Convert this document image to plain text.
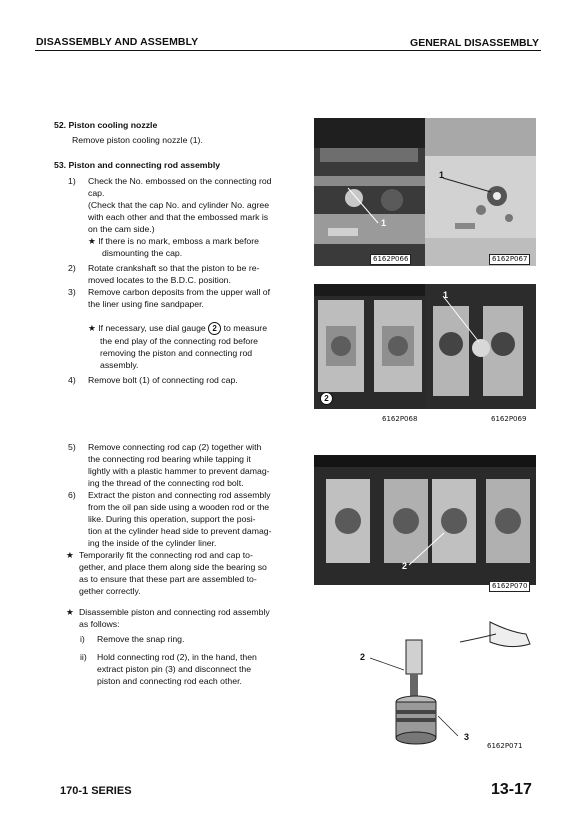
DISASSEMBLY AND ASSEMBLY	GENERAL DISASSEMBLY
52. Piston cooling nozzle
Remove piston cooling nozzle (1).
53. Piston and connecting rod assembly
1) Check the No. embossed on the connecting rod
cap.
(Check that the cap No. and cylinder No. agree
with each other and that the embossed mark is
on the cam side.)
★ If there is no mark, emboss a mark before
dismounting the cap.
2) Rotate crankshaft so that the piston to be re-
moved locates to the B.D.C. position.
3) Remove carbon deposits from the upper wall of
the liner using fine sandpaper.
★ If necessary, use dial gauge 2 to measure
the end play of the connecting rod before
removing the piston and connecting rod
assembly.
4) Remove bolt (1) of connecting rod cap.
5) Remove connecting rod cap (2) together with
the connecting rod bearing while tapping it
lightly with a plastic hammer to prevent damag-
ing the thread of the connecting rod bolt.
6) Extract the piston and connecting rod assembly
from the oil pan side using a wooden rod or the
like. During this operation, support the posi-
tion at the cylinder head side to prevent damag-
ing the inside of the cylinder liner.
★ Temporarily fit the connecting rod and cap to-
gether, and place them along side the bearing so
as to ensure that these part are assembled to-
gether correctly.
★ Disassemble piston and connecting rod assembly
as follows:
i) Remove the snap ring.
ii) Hold connecting rod (2), in the hand, then
extract piston pin (3) and disconnect the
piston and connecting rod each other.
1
6162P066
1
6162P067
2
6162P068
1
6162P069
2
6162P070
2
3
6162P071
170-1 SERIES	13-17
